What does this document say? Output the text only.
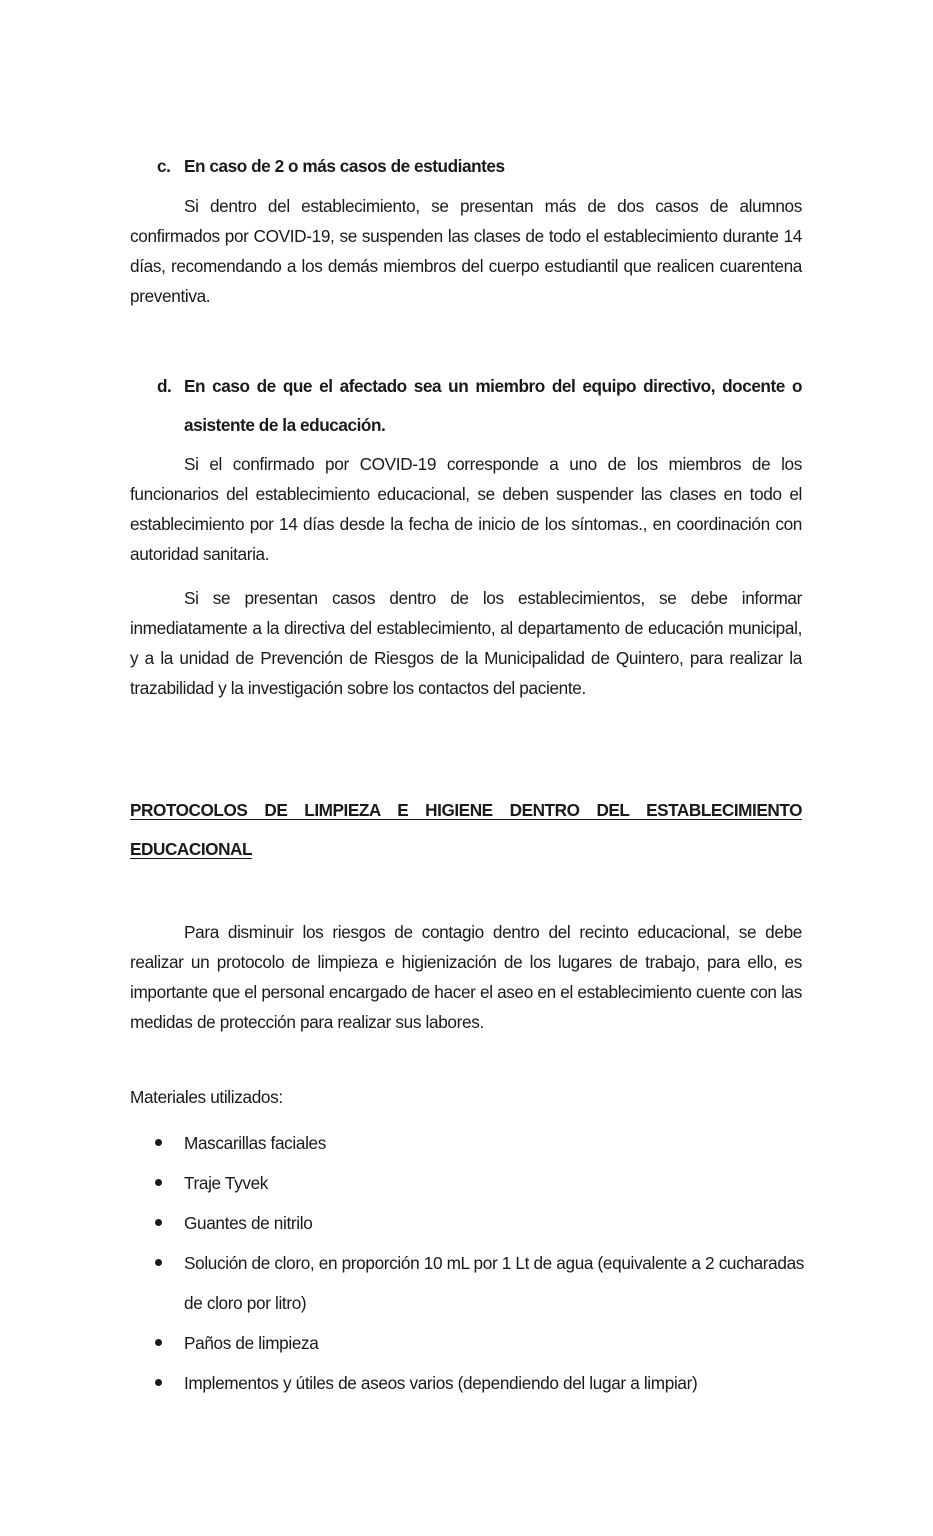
c. En caso de 2 o más casos de estudiantes

Si dentro del establecimiento, se presentan más de dos casos de alumnos confirmados por COVID-19, se suspenden las clases de todo el establecimiento durante 14 días, recomendando a los demás miembros del cuerpo estudiantil que realicen cuarentena preventiva.

d. En caso de que el afectado sea un miembro del equipo directivo, docente o asistente de la educación.

Si el confirmado por COVID-19 corresponde a uno de los miembros de los funcionarios del establecimiento educacional, se deben suspender las clases en todo el establecimiento por 14 días desde la fecha de inicio de los síntomas., en coordinación con autoridad sanitaria.

Si se presentan casos dentro de los establecimientos, se debe informar inmediatamente a la directiva del establecimiento, al departamento de educación municipal, y a la unidad de Prevención de Riesgos de la Municipalidad de Quintero, para realizar la trazabilidad y la investigación sobre los contactos del paciente.

PROTOCOLOS DE LIMPIEZA E HIGIENE DENTRO DEL ESTABLECIMIENTO EDUCACIONAL

Para disminuir los riesgos de contagio dentro del recinto educacional, se debe realizar un protocolo de limpieza e higienización de los lugares de trabajo, para ello, es importante que el personal encargado de hacer el aseo en el establecimiento cuente con las medidas de protección para realizar sus labores.

Materiales utilizados:

Mascarillas faciales
Traje Tyvek
Guantes de nitrilo
Solución de cloro, en proporción 10 mL por 1 Lt de agua (equivalente a 2 cucharadas de cloro por litro)
Paños de limpieza
Implementos y útiles de aseos varios (dependiendo del lugar a limpiar)
